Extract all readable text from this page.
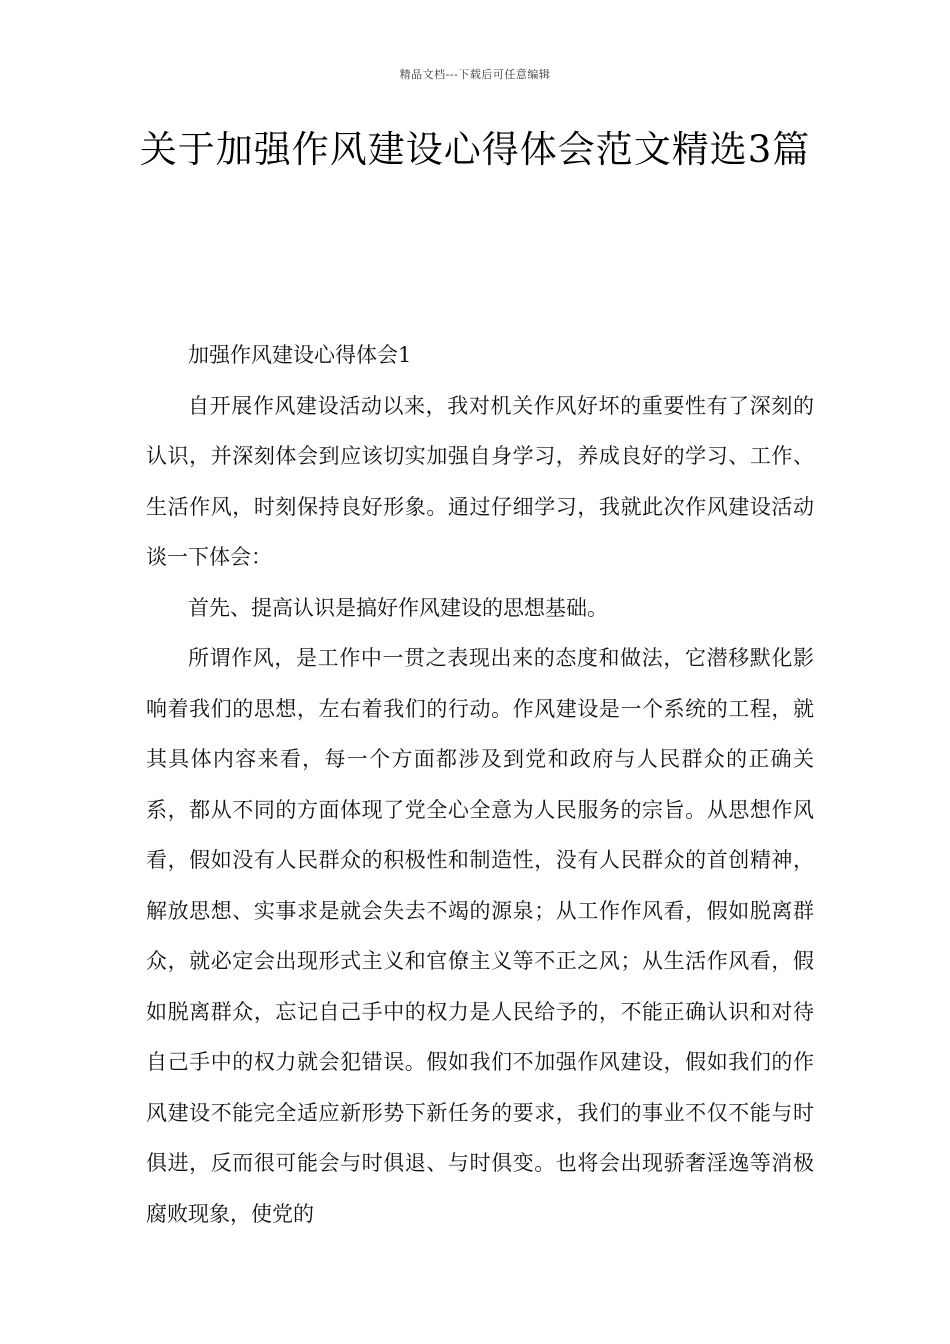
精品文档---下载后可任意编辑
关于加强作风建设心得体会范文精选3篇

加强作风建设心得体会1

自开展作风建设活动以来，我对机关作风好坏的重要性有了深刻的认识，并深刻体会到应该切实加强自身学习，养成良好的学习、工作、生活作风，时刻保持良好形象。通过仔细学习，我就此次作风建设活动谈一下体会：

首先、提高认识是搞好作风建设的思想基础。

所谓作风，是工作中一贯之表现出来的态度和做法，它潜移默化影响着我们的思想，左右着我们的行动。作风建设是一个系统的工程，就其具体内容来看，每一个方面都涉及到党和政府与人民群众的正确关系，都从不同的方面体现了党全心全意为人民服务的宗旨。从思想作风看，假如没有人民群众的积极性和制造性，没有人民群众的首创精神，解放思想、实事求是就会失去不竭的源泉；从工作作风看，假如脱离群众，就必定会出现形式主义和官僚主义等不正之风；从生活作风看，假如脱离群众，忘记自己手中的权力是人民给予的，不能正确认识和对待自己手中的权力就会犯错误。假如我们不加强作风建设，假如我们的作风建设不能完全适应新形势下新任务的要求，我们的事业不仅不能与时俱进，反而很可能会与时俱退、与时俱变。也将会出现骄奢淫逸等消极腐败现象，使党的
